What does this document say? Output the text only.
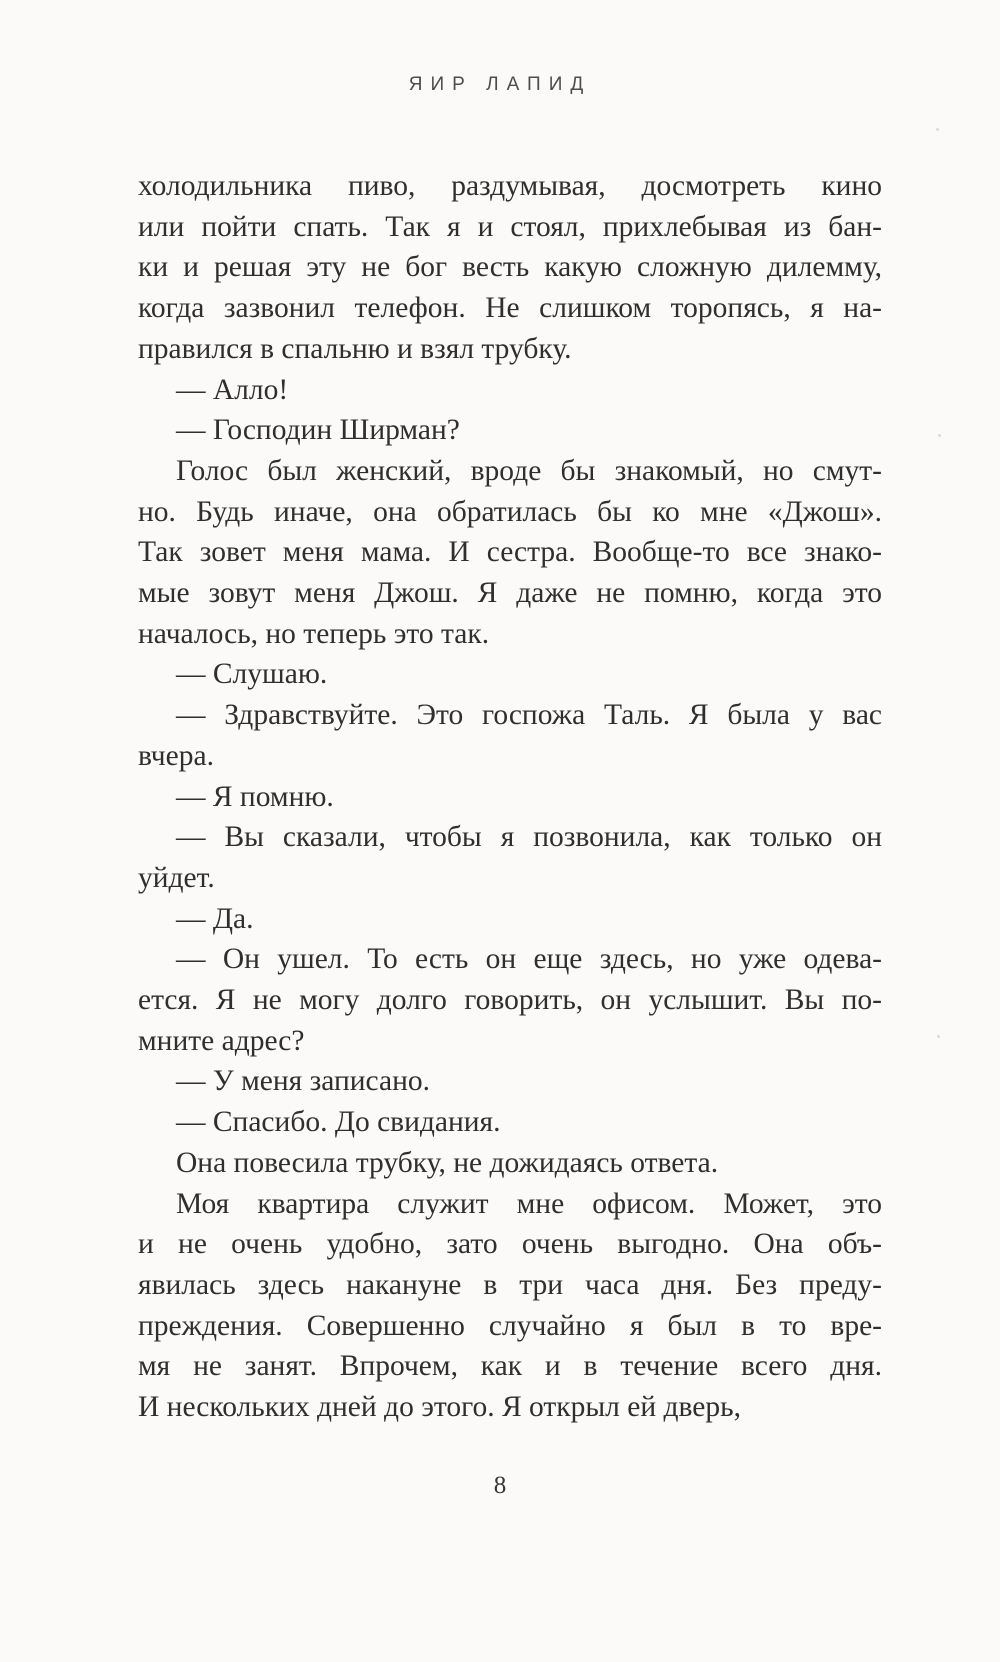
ЯИР ЛАПИД
холодильника пиво, раздумывая, досмотреть кино
или пойти спать. Так я и стоял, прихлебывая из бан-
ки и решая эту не бог весть какую сложную дилемму,
когда зазвонил телефон. Не слишком торопясь, я на-
правился в спальню и взял трубку.
— Алло!
— Господин Ширман?
Голос был женский, вроде бы знакомый, но смут-
но. Будь иначе, она обратилась бы ко мне «Джош».
Так зовет меня мама. И сестра. Вообще-то все знако-
мые зовут меня Джош. Я даже не помню, когда это
началось, но теперь это так.
— Слушаю.
— Здравствуйте. Это госпожа Таль. Я была у вас
вчера.
— Я помню.
— Вы сказали, чтобы я позвонила, как только он
уйдет.
— Да.
— Он ушел. То есть он еще здесь, но уже одева-
ется. Я не могу долго говорить, он услышит. Вы по-
мните адрес?
— У меня записано.
— Спасибо. До свидания.
Она повесила трубку, не дожидаясь ответа.
Моя квартира служит мне офисом. Может, это
и не очень удобно, зато очень выгодно. Она объ-
явилась здесь накануне в три часа дня. Без преду-
преждения. Совершенно случайно я был в то вре-
мя не занят. Впрочем, как и в течение всего дня.
И нескольких дней до этого. Я открыл ей дверь,
8
